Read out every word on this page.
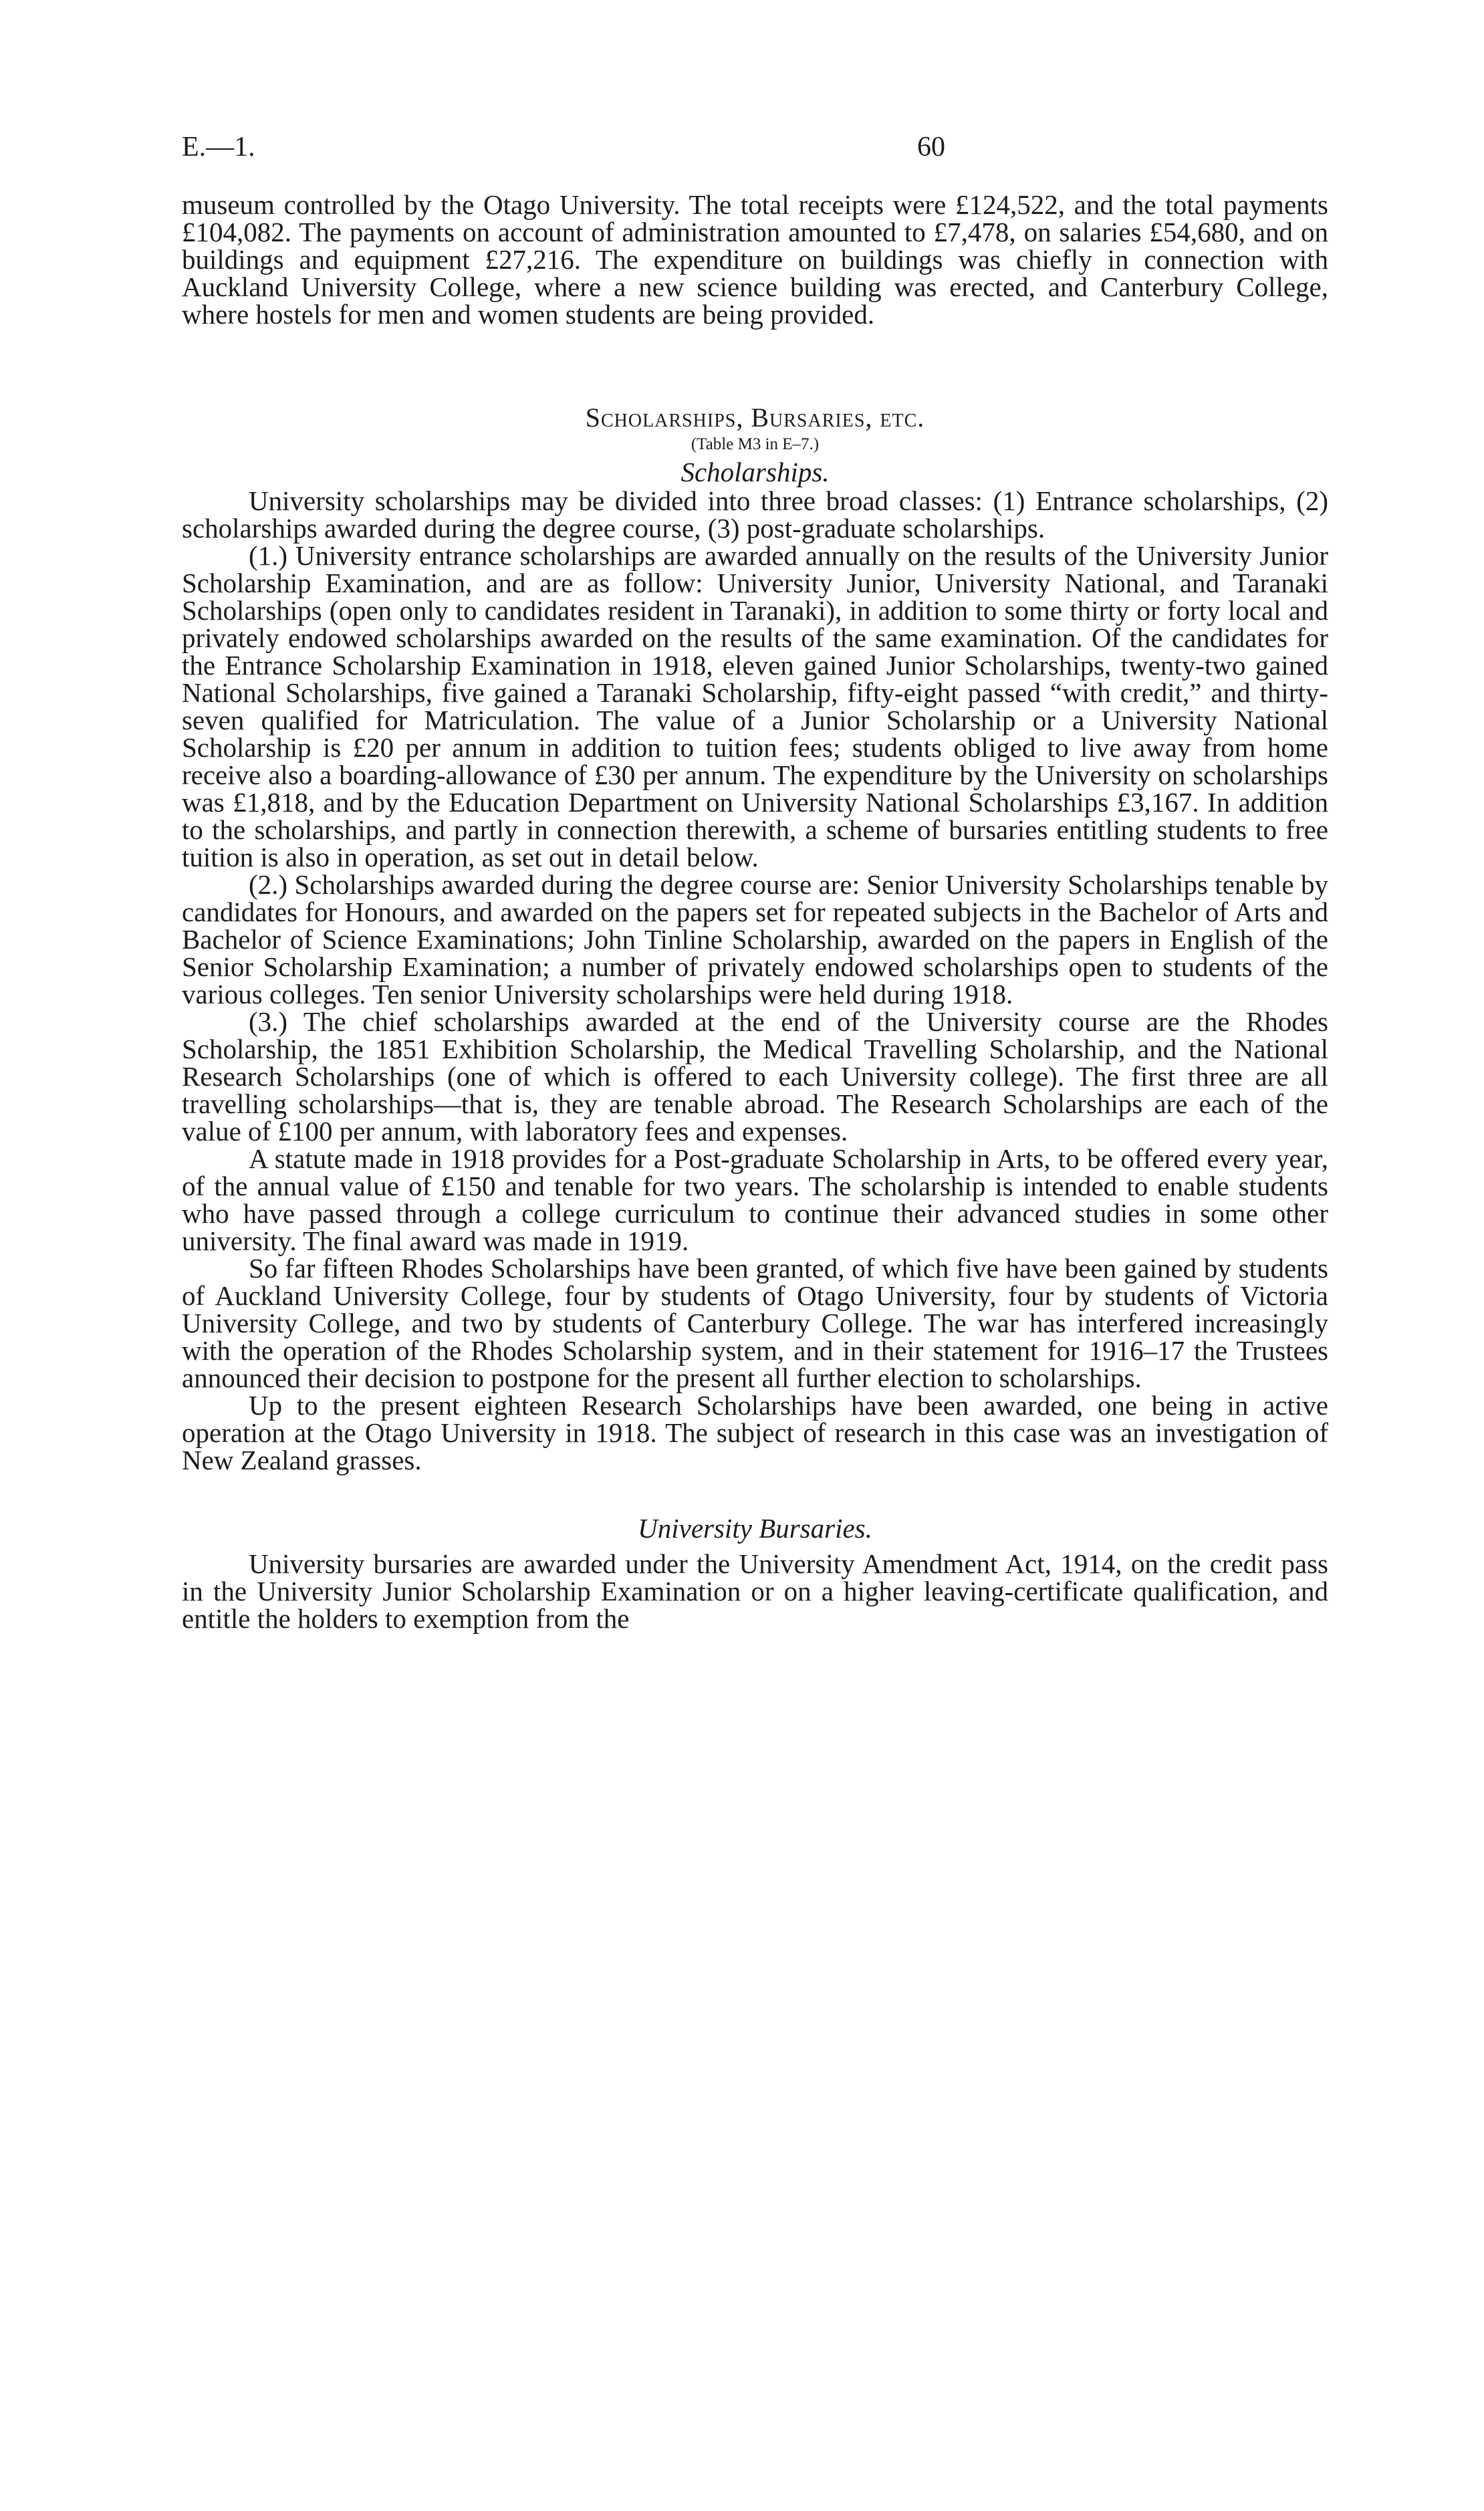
E.—1.	60

museum controlled by the Otago University. The total receipts were £124,522, and the total payments £104,082. The payments on account of administration amounted to £7,478, on salaries £54,680, and on buildings and equipment £27,216. The expenditure on buildings was chiefly in connection with Auckland University College, where a new science building was erected, and Canterbury College, where hostels for men and women students are being provided.

Scholarships, Bursaries, etc.

(Table M3 in E–7.)

Scholarships.

University scholarships may be divided into three broad classes: (1) Entrance scholarships, (2) scholarships awarded during the degree course, (3) post-graduate scholarships.

(1.) University entrance scholarships are awarded annually on the results of the University Junior Scholarship Examination, and are as follow: University Junior, University National, and Taranaki Scholarships (open only to candidates resident in Taranaki), in addition to some thirty or forty local and privately endowed scholarships awarded on the results of the same examination. Of the candidates for the Entrance Scholarship Examination in 1918, eleven gained Junior Scholarships, twenty-two gained National Scholarships, five gained a Taranaki Scholarship, fifty-eight passed “with credit,” and thirty-seven qualified for Matriculation. The value of a Junior Scholarship or a University National Scholarship is £20 per annum in addition to tuition fees; students obliged to live away from home receive also a boarding-allowance of £30 per annum. The expenditure by the University on scholarships was £1,818, and by the Education Department on University National Scholarships £3,167. In addition to the scholarships, and partly in connection therewith, a scheme of bursaries entitling students to free tuition is also in operation, as set out in detail below.

(2.) Scholarships awarded during the degree course are: Senior University Scholarships tenable by candidates for Honours, and awarded on the papers set for repeated subjects in the Bachelor of Arts and Bachelor of Science Examinations; John Tinline Scholarship, awarded on the papers in English of the Senior Scholarship Examination; a number of privately endowed scholarships open to students of the various colleges. Ten senior University scholarships were held during 1918.

(3.) The chief scholarships awarded at the end of the University course are the Rhodes Scholarship, the 1851 Exhibition Scholarship, the Medical Travelling Scholarship, and the National Research Scholarships (one of which is offered to each University college). The first three are all travelling scholarships—that is, they are tenable abroad. The Research Scholarships are each of the value of £100 per annum, with laboratory fees and expenses.

A statute made in 1918 provides for a Post-graduate Scholarship in Arts, to be offered every year, of the annual value of £150 and tenable for two years. The scholarship is intended to enable students who have passed through a college curriculum to continue their advanced studies in some other university. The final award was made in 1919.

So far fifteen Rhodes Scholarships have been granted, of which five have been gained by students of Auckland University College, four by students of Otago University, four by students of Victoria University College, and two by students of Canterbury College. The war has interfered increasingly with the operation of the Rhodes Scholarship system, and in their statement for 1916–17 the Trustees announced their decision to postpone for the present all further election to scholarships.

Up to the present eighteen Research Scholarships have been awarded, one being in active operation at the Otago University in 1918. The subject of research in this case was an investigation of New Zealand grasses.

University Bursaries.

University bursaries are awarded under the University Amendment Act, 1914, on the credit pass in the University Junior Scholarship Examination or on a higher leaving-certificate qualification, and entitle the holders to exemption from the
